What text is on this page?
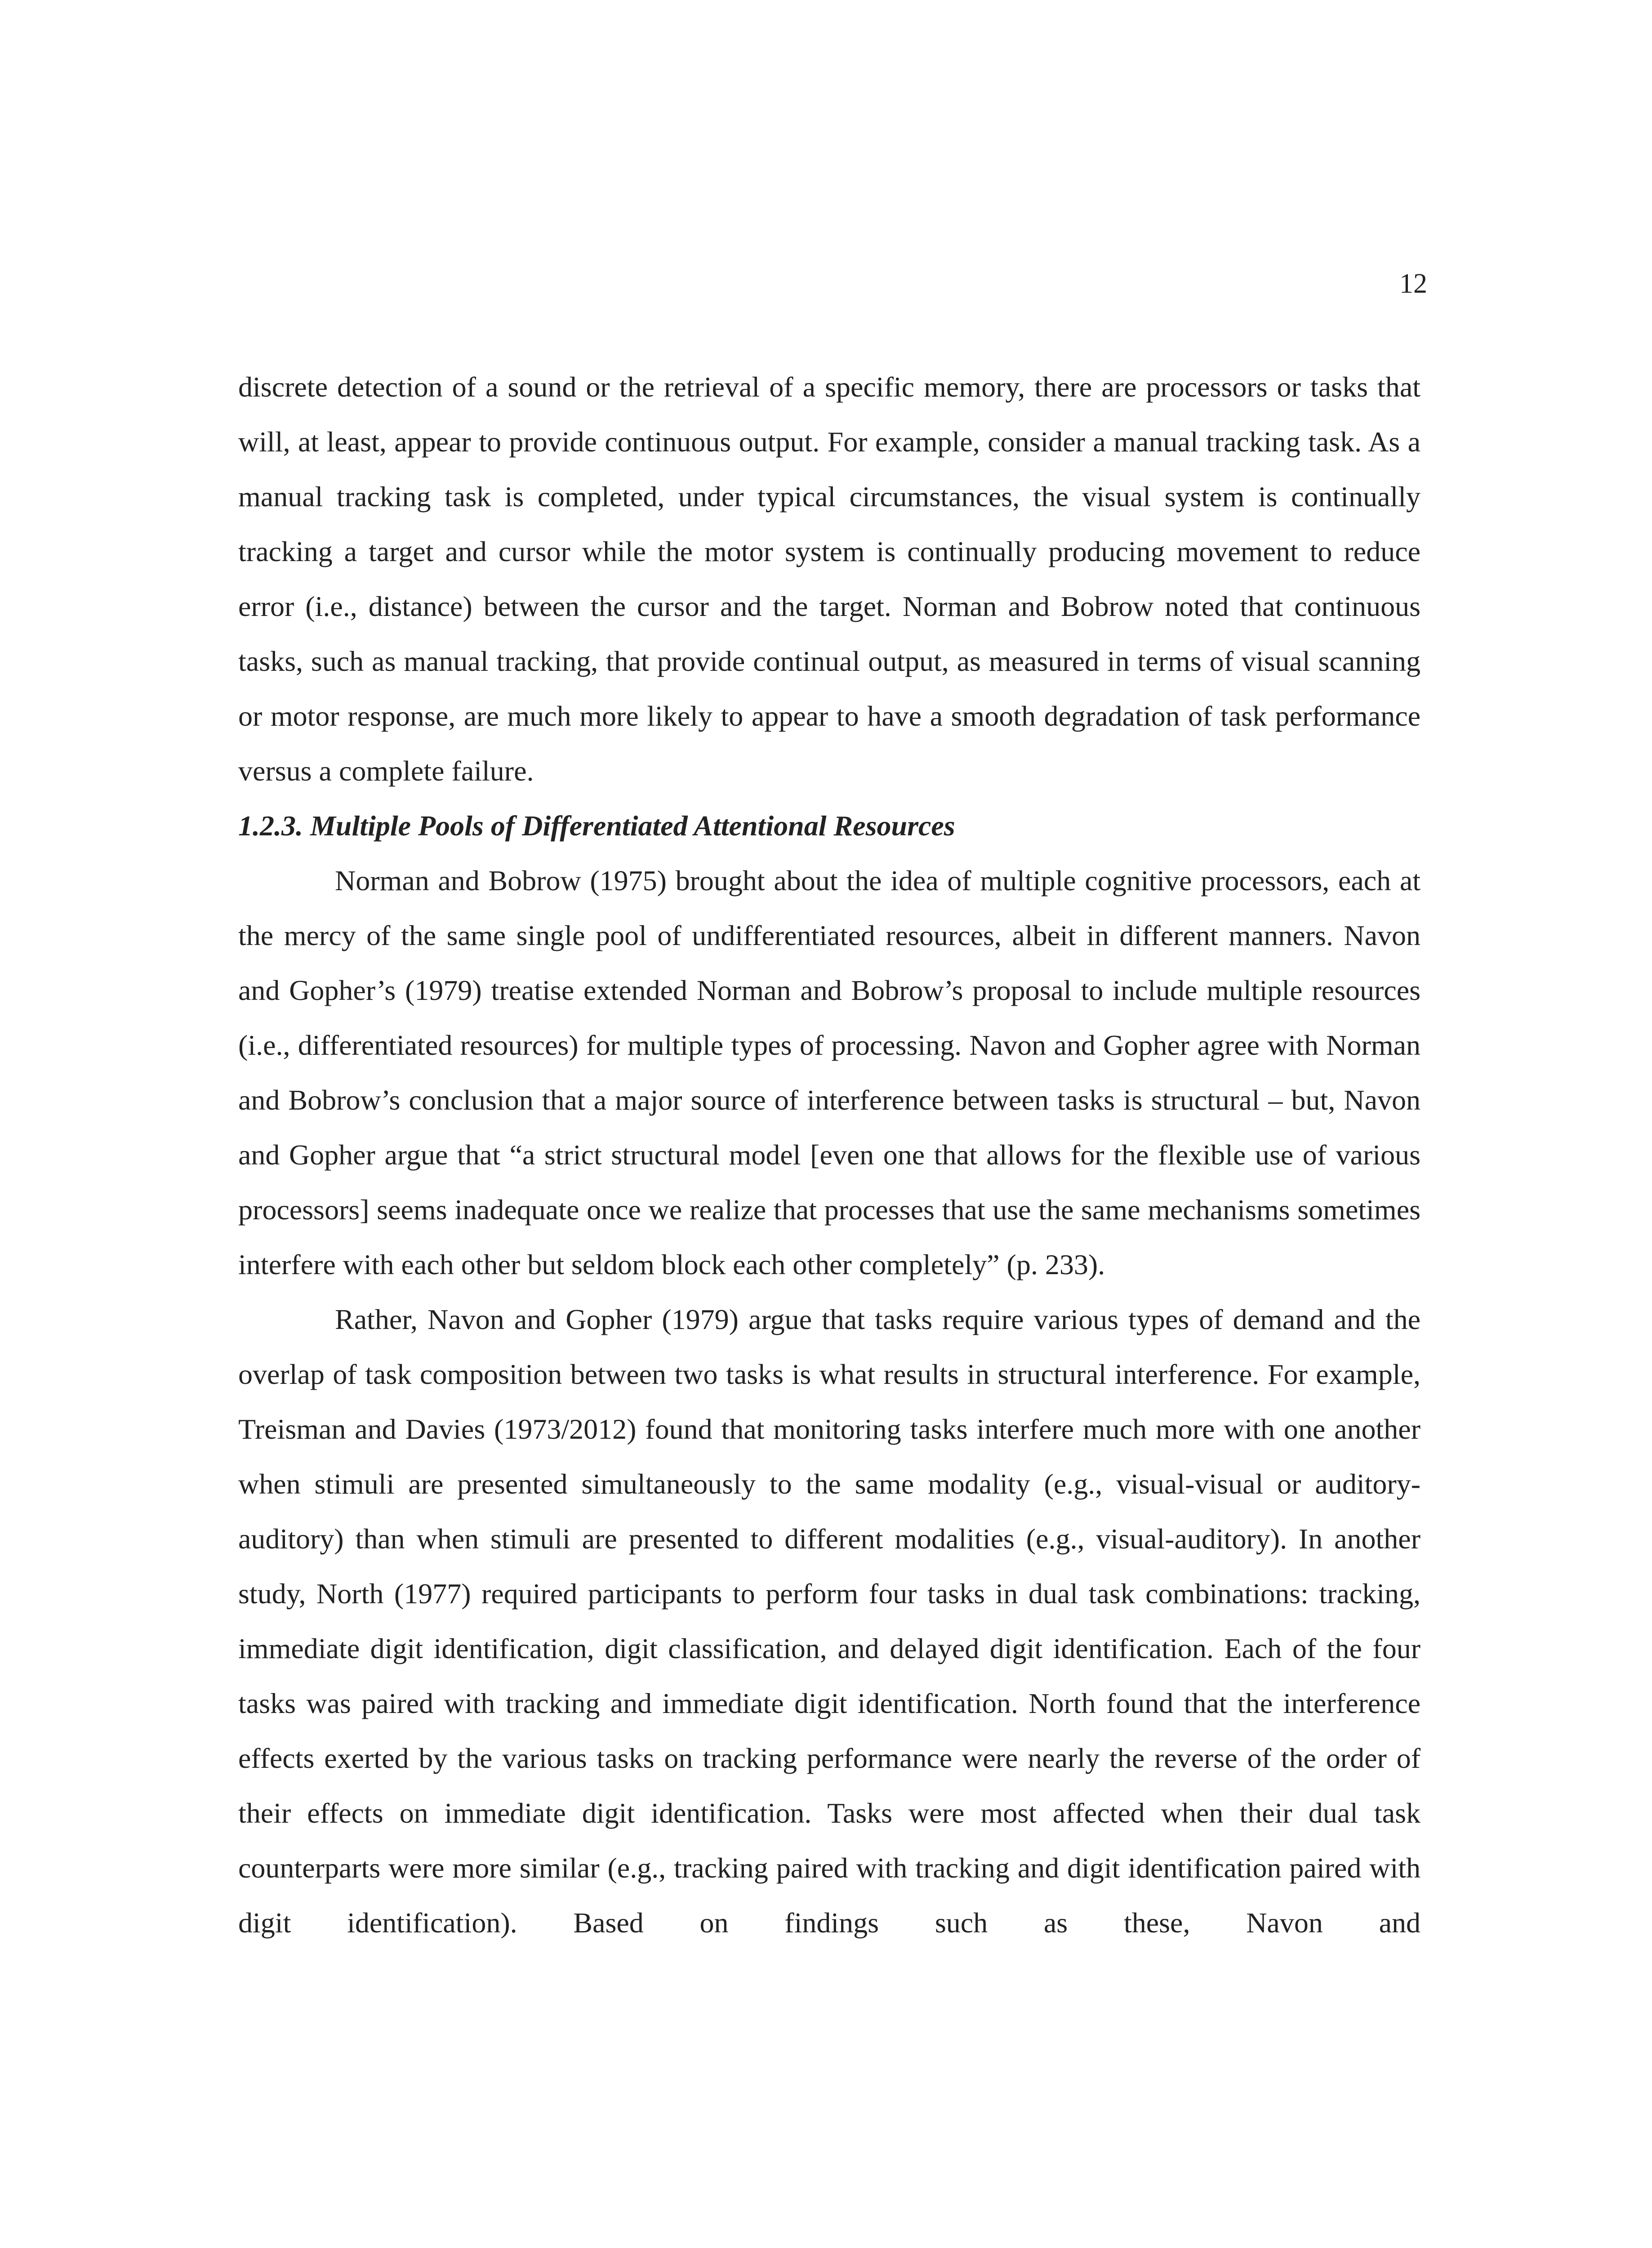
12

discrete detection of a sound or the retrieval of a specific memory, there are processors or tasks that will, at least, appear to provide continuous output. For example, consider a manual tracking task. As a manual tracking task is completed, under typical circumstances, the visual system is continually tracking a target and cursor while the motor system is continually producing movement to reduce error (i.e., distance) between the cursor and the target. Norman and Bobrow noted that continuous tasks, such as manual tracking, that provide continual output, as measured in terms of visual scanning or motor response, are much more likely to appear to have a smooth degradation of task performance versus a complete failure.

1.2.3. Multiple Pools of Differentiated Attentional Resources

Norman and Bobrow (1975) brought about the idea of multiple cognitive processors, each at the mercy of the same single pool of undifferentiated resources, albeit in different manners. Navon and Gopher’s (1979) treatise extended Norman and Bobrow’s proposal to include multiple resources (i.e., differentiated resources) for multiple types of processing. Navon and Gopher agree with Norman and Bobrow’s conclusion that a major source of interference between tasks is structural – but, Navon and Gopher argue that “a strict structural model [even one that allows for the flexible use of various processors] seems inadequate once we realize that processes that use the same mechanisms sometimes interfere with each other but seldom block each other completely” (p. 233).

Rather, Navon and Gopher (1979) argue that tasks require various types of demand and the overlap of task composition between two tasks is what results in structural interference. For example, Treisman and Davies (1973/2012) found that monitoring tasks interfere much more with one another when stimuli are presented simultaneously to the same modality (e.g., visual-visual or auditory-auditory) than when stimuli are presented to different modalities (e.g., visual-auditory). In another study, North (1977) required participants to perform four tasks in dual task combinations: tracking, immediate digit identification, digit classification, and delayed digit identification. Each of the four tasks was paired with tracking and immediate digit identification. North found that the interference effects exerted by the various tasks on tracking performance were nearly the reverse of the order of their effects on immediate digit identification. Tasks were most affected when their dual task counterparts were more similar (e.g., tracking paired with tracking and digit identification paired with digit identification). Based on findings such as these, Navon and
